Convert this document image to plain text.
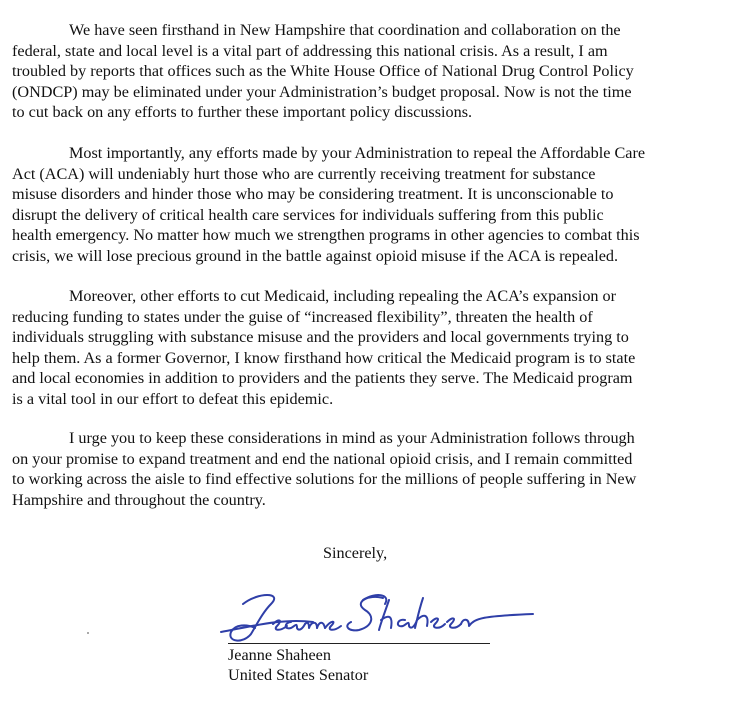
We have seen firsthand in New Hampshire that coordination and collaboration on the
federal, state and local level is a vital part of addressing this national crisis. As a result, I am
troubled by reports that offices such as the White House Office of National Drug Control Policy
(ONDCP) may be eliminated under your Administration’s budget proposal. Now is not the time
to cut back on any efforts to further these important policy discussions.

Most importantly, any efforts made by your Administration to repeal the Affordable Care
Act (ACA) will undeniably hurt those who are currently receiving treatment for substance
misuse disorders and hinder those who may be considering treatment. It is unconscionable to
disrupt the delivery of critical health care services for individuals suffering from this public
health emergency. No matter how much we strengthen programs in other agencies to combat this
crisis, we will lose precious ground in the battle against opioid misuse if the ACA is repealed.

Moreover, other efforts to cut Medicaid, including repealing the ACA’s expansion or
reducing funding to states under the guise of “increased flexibility”, threaten the health of
individuals struggling with substance misuse and the providers and local governments trying to
help them. As a former Governor, I know firsthand how critical the Medicaid program is to state
and local economies in addition to providers and the patients they serve. The Medicaid program
is a vital tool in our effort to defeat this epidemic.

I urge you to keep these considerations in mind as your Administration follows through
on your promise to expand treatment and end the national opioid crisis, and I remain committed
to working across the aisle to find effective solutions for the millions of people suffering in New
Hampshire and throughout the country.

Sincerely,
Jeanne Shaheen
United States Senator
